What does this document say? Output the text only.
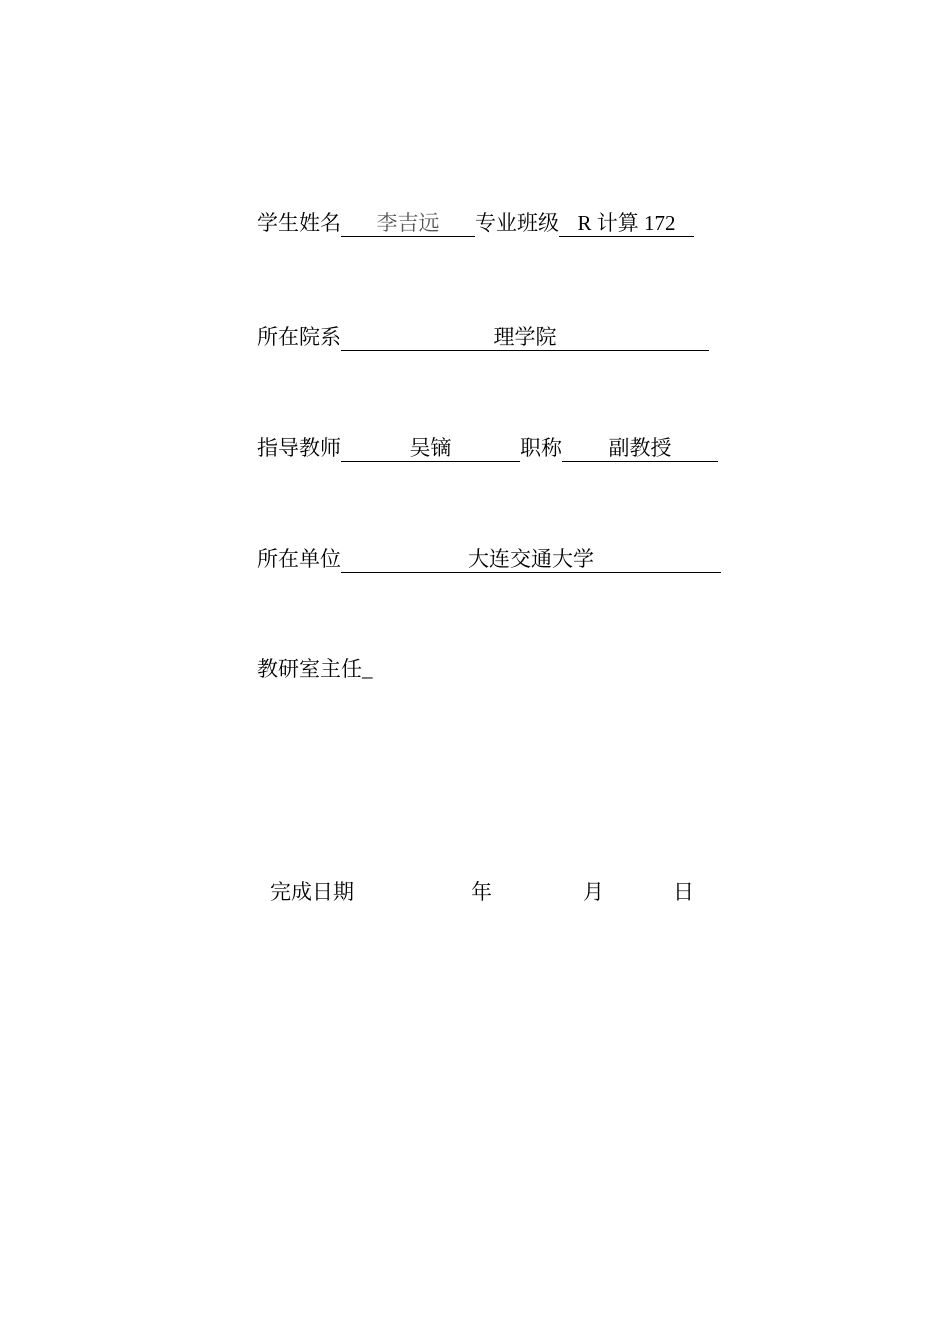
学生姓名 李吉远 专业班级 R 计算 172
所在院系	理学院
指导教师	吴镝	职称 副教授
所在单位	大连交通大学
教研室主任_
完成日期	年	月	日
